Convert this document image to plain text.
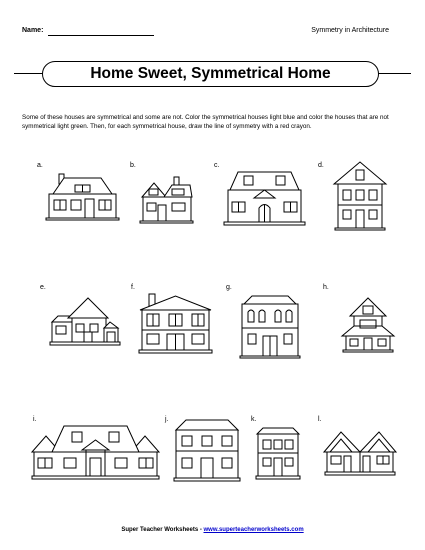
Name:	Symmetry in Architecture
Home Sweet, Symmetrical Home
Some of these houses are symmetrical and some are not. Color the symmetrical houses light blue and color the houses that are not symmetrical light green. Then, for each symmetrical house, draw the line of symmetry with a red crayon.
a.	b.	c.	d.
e.	f.	g.	h.
i.	j.	k.	l.
Super Teacher Worksheets - www.superteacherworksheets.com
